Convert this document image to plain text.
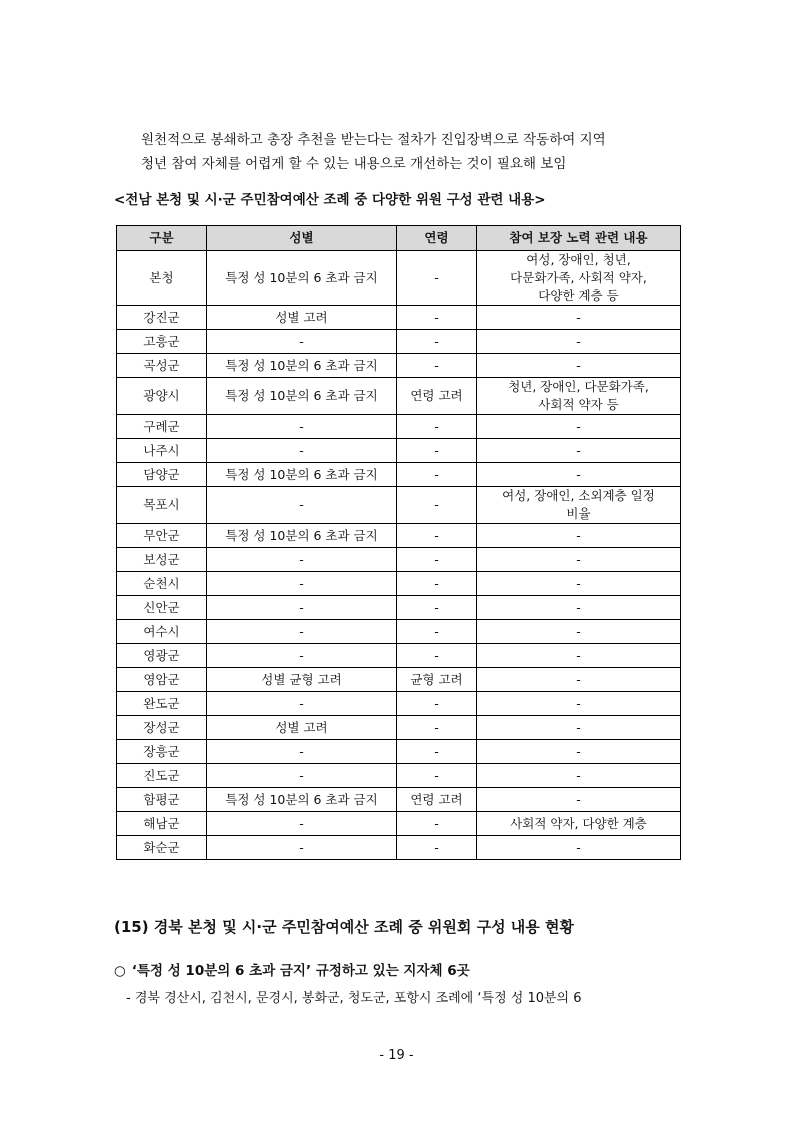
원천적으로 봉쇄하고 총장 추천을 받는다는 절차가 진입장벽으로 작동하여 지역

청년 참여 자체를 어렵게 할 수 있는 내용으로 개선하는 것이 필요해 보임

<전남 본청 및 시·군 주민참여예산 조례 중 다양한 위원 구성 관련 내용>
구분	성별	연령	참여 보장 노력 관련 내용
본청	특정 성 10분의 6 초과 금지	-	여성, 장애인, 청년,
다문화가족, 사회적 약자,
다양한 계층 등
강진군	성별 고려	-	-
고흥군	-	-	-
곡성군	특정 성 10분의 6 초과 금지	-	-
광양시	특정 성 10분의 6 초과 금지	연령 고려	청년, 장애인, 다문화가족,
사회적 약자 등
구례군	-	-	-
나주시	-	-	-
담양군	특정 성 10분의 6 초과 금지	-	-
목포시	-	-	여성, 장애인, 소외계층 일정
비율
무안군	특정 성 10분의 6 초과 금지	-	-
보성군	-	-	-
순천시	-	-	-
신안군	-	-	-
여수시	-	-	-
영광군	-	-	-
영암군	성별 균형 고려	균형 고려	-
완도군	-	-	-
장성군	성별 고려	-	-
장흥군	-	-	-
진도군	-	-	-
함평군	특정 성 10분의 6 초과 금지	연령 고려	-
해남군	-	-	사회적 약자, 다양한 계층
화순군	-	-	-
(15) 경북 본청 및 시·군 주민참여예산 조례 중 위원회 구성 내용 현황
○ ‘특정 성 10분의 6 초과 금지’ 규정하고 있는 지자체 6곳
- 경북 경산시, 김천시, 문경시, 봉화군, 청도군, 포항시 조례에 ‘특정 성 10분의 6
- 19 -
